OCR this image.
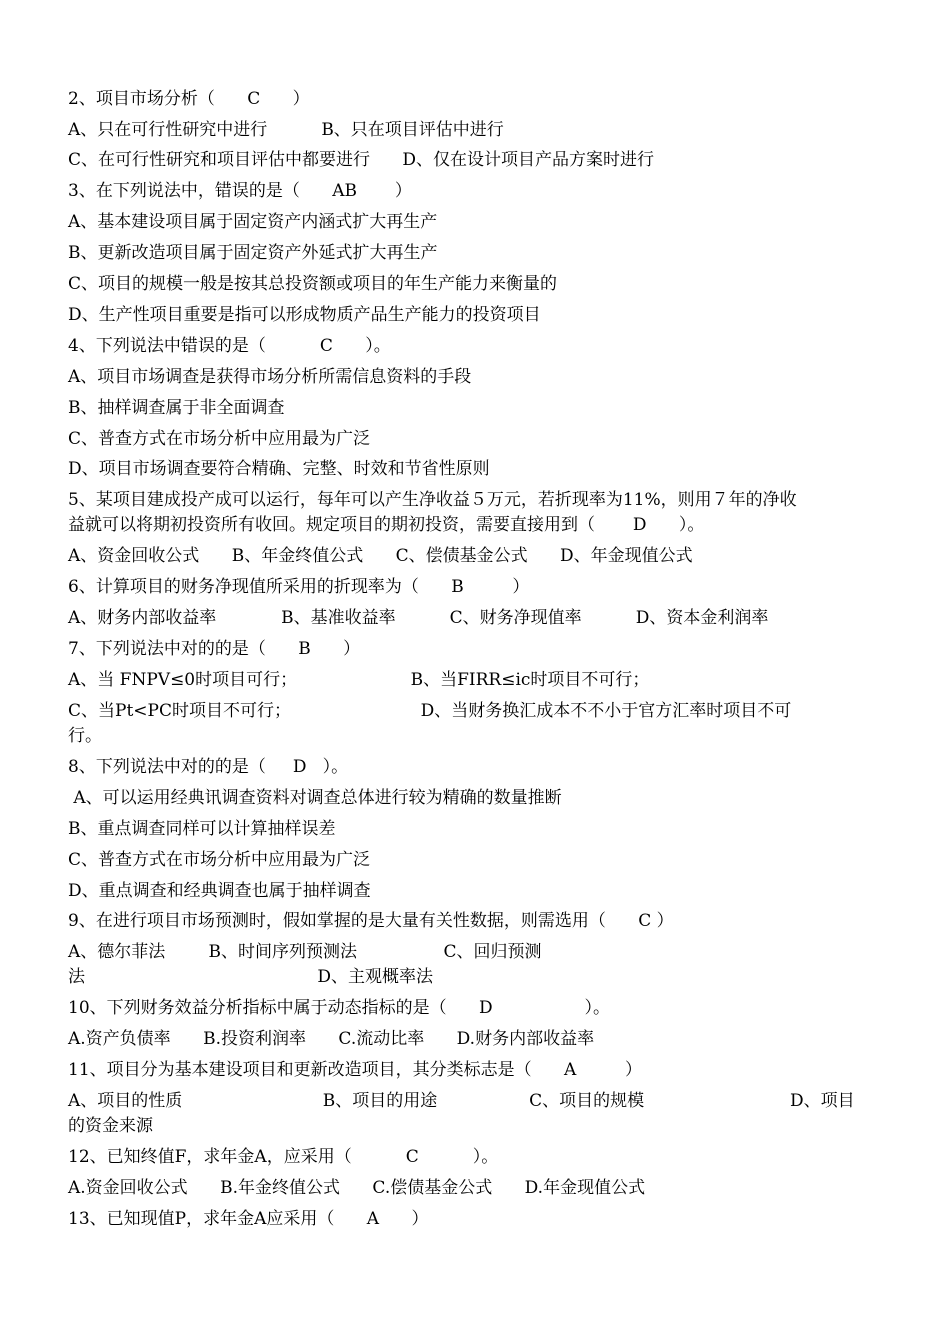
2、项目市场分析（      C      ）
A、只在可行性研究中进行          B、只在项目评估中进行
C、在可行性研究和项目评估中都要进行      D、仅在设计项目产品方案时进行
3、在下列说法中，错误的是（      AB       ）
A、基本建设项目属于固定资产内涵式扩大再生产
B、更新改造项目属于固定资产外延式扩大再生产
C、项目的规模一般是按其总投资额或项目的年生产能力来衡量的
D、生产性项目重要是指可以形成物质产品生产能力的投资项目
4、下列说法中错误的是（          C      ）。
A、项目市场调查是获得市场分析所需信息资料的手段
B、抽样调查属于非全面调查
C、普查方式在市场分析中应用最为广泛
D、项目市场调查要符合精确、完整、时效和节省性原则
5、某项目建成投产成可以运行，每年可以产生净收益５万元，若折现率为11%，则用７年的净收
益就可以将期初投资所有收回。规定项目的期初投资，需要直接用到（       D      ）。
A、资金回收公式      B、年金终值公式      C、偿债基金公式      D、年金现值公式
6、计算项目的财务净现值所采用的折现率为（      B         ）
A、财务内部收益率            B、基准收益率          C、财务净现值率          D、资本金利润率
7、下列说法中对的的是（      B      ）
A、当 FNPV≤0时项目可行；                     B、当FIRR≤ic时项目不可行；
C、当Pt<PC时项目不可行；                        D、当财务换汇成本不不小于官方汇率时项目不可
行。
8、下列说法中对的的是（     D   ）。
A、可以运用经典讯调查资料对调查总体进行较为精确的数量推断
B、重点调查同样可以计算抽样误差
C、普查方式在市场分析中应用最为广泛
D、重点调查和经典调查也属于抽样调查
9、在进行项目市场预测时，假如掌握的是大量有关性数据，则需选用（      C ）
A、德尔菲法        B、时间序列预测法                C、回归预测
法                                           D、主观概率法
10、下列财务效益分析指标中属于动态指标的是（      D                 ）。
A.资产负债率      B.投资利润率      C.流动比率      D.财务内部收益率
11、项目分为基本建设项目和更新改造项目，其分类标志是（      A         ）
A、项目的性质                          B、项目的用途                 C、项目的规模                           D、项目
的资金来源
12、已知终值F，求年金A，应采用（          C          ）。
A.资金回收公式      B.年金终值公式      C.偿债基金公式      D.年金现值公式
13、已知现值P，求年金A应采用（      A      ）
